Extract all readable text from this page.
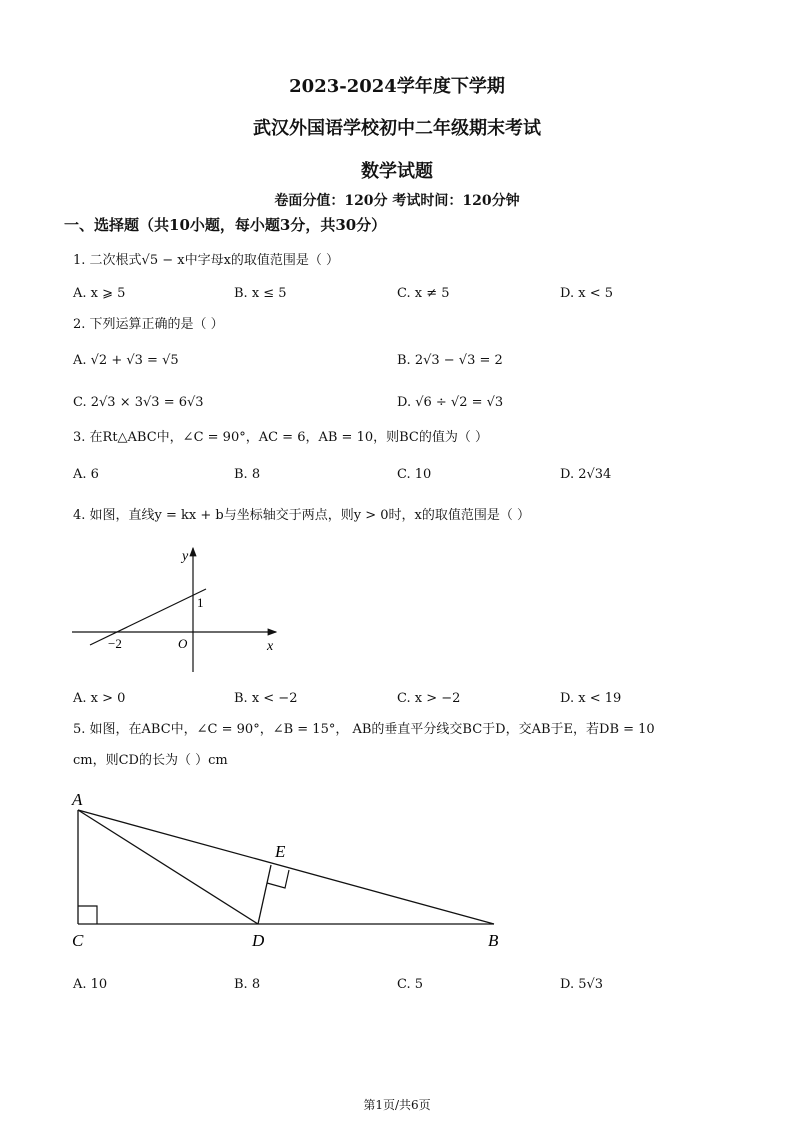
2023-2024学年度下学期
武汉外国语学校初中二年级期末考试
数学试题
卷面分值：120分 考试时间：120分钟
一、选择题（共10小题，每小题3分，共30分）
1. 二次根式√5 − x中字母x的取值范围是（ ）
A. x ⩾ 5	B. x ≤ 5	C. x ≠ 5	D. x < 5
2. 下列运算正确的是（ ）
A. √2 + √3 = √5	B. 2√3 − √3 = 2
C. 2√3 × 3√3 = 6√3	D. √6 ÷ √2 = √3
3. 在Rt△ABC中，∠C = 90°，AC = 6，AB = 10，则BC的值为（ ）
A. 6	B. 8	C. 10	D. 2√34
4. 如图，直线y = kx + b与坐标轴交于两点，则y > 0时，x的取值范围是（ ）
y
x
O
1
−2
A. x > 0	B. x < −2	C. x > −2	D. x < 19
5. 如图，在ABC中，∠C = 90°，∠B = 15°， AB的垂直平分线交BC于D，交AB于E，若DB = 10
cm，则CD的长为（ ）cm
A
C	D	B
E
A. 10	B. 8	C. 5	D. 5√3
第1页/共6页
